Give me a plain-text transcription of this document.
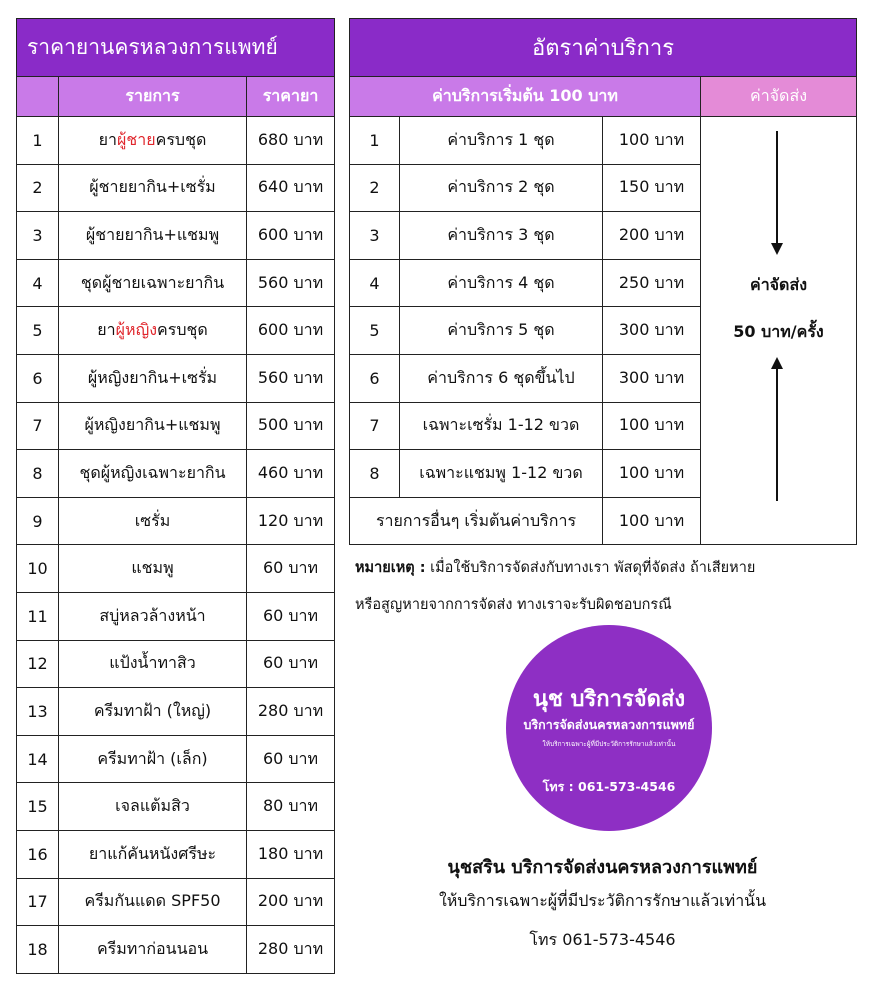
ราคายานครหลวงการแพทย์		
	รายการ	ราคายา
1	ยาผู้ชายครบชุด	680 บาท
2	ผู้ชายยากิน+เซรั่ม	640 บาท
3	ผู้ชายยากิน+แชมพู	600 บาท
4	ชุดผู้ชายเฉพาะยากิน	560 บาท
5	ยาผู้หญิงครบชุด	600 บาท
6	ผู้หญิงยากิน+เซรั่ม	560 บาท
7	ผู้หญิงยากิน+แชมพู	500 บาท
8	ชุดผู้หญิงเฉพาะยากิน	460 บาท
9	เซรั่ม	120 บาท
10	แชมพู	60 บาท
11	สบู่หลวล้างหน้า	60 บาท
12	แป้งน้ำทาสิว	60 บาท
13	ครีมทาฝ้า (ใหญ่)	280 บาท
14	ครีมทาฝ้า (เล็ก)	60 บาท
15	เจลแต้มสิว	80 บาท
16	ยาแก้คันหนังศรีษะ	180 บาท
17	ครีมกันแดด SPF50	200 บาท
18	ครีมทาก่อนนอน	280 บาท
อัตราค่าบริการ			
ค่าบริการเริ่มต้น 100 บาท			ค่าจัดส่ง
1	ค่าบริการ 1 ชุด	100 บาท	ค่าจัดส่ง
50 บาท/ครั้ง

2	ค่าบริการ 2 ชุด	150 บาท	
3	ค่าบริการ 3 ชุด	200 บาท	
4	ค่าบริการ 4 ชุด	250 บาท	
5	ค่าบริการ 5 ชุด	300 บาท	
6	ค่าบริการ 6 ชุดขึ้นไป	300 บาท	
7	เฉพาะเซรั่ม 1-12 ขวด	100 บาท	
8	เฉพาะแชมพู 1-12 ขวด	100 บาท	
รายการอื่นๆ เริ่มต้นค่าบริการ		100 บาท	
หมายเหตุ : เมื่อใช้บริการจัดส่งกับทางเรา พัสดุที่จัดส่ง ถ้าเสียหาย
หรือสูญหายจากการจัดส่ง ทางเราจะรับผิดชอบกรณี
นุช บริการจัดส่ง
บริการจัดส่งนครหลวงการแพทย์
ให้บริการเฉพาะผู้ที่มีประวัติการรักษาแล้วเท่านั้น
โทร : 061-573-4546
นุชสริน บริการจัดส่งนครหลวงการแพทย์
ให้บริการเฉพาะผู้ที่มีประวัติการรักษาแล้วเท่านั้น
โทร 061-573-4546
